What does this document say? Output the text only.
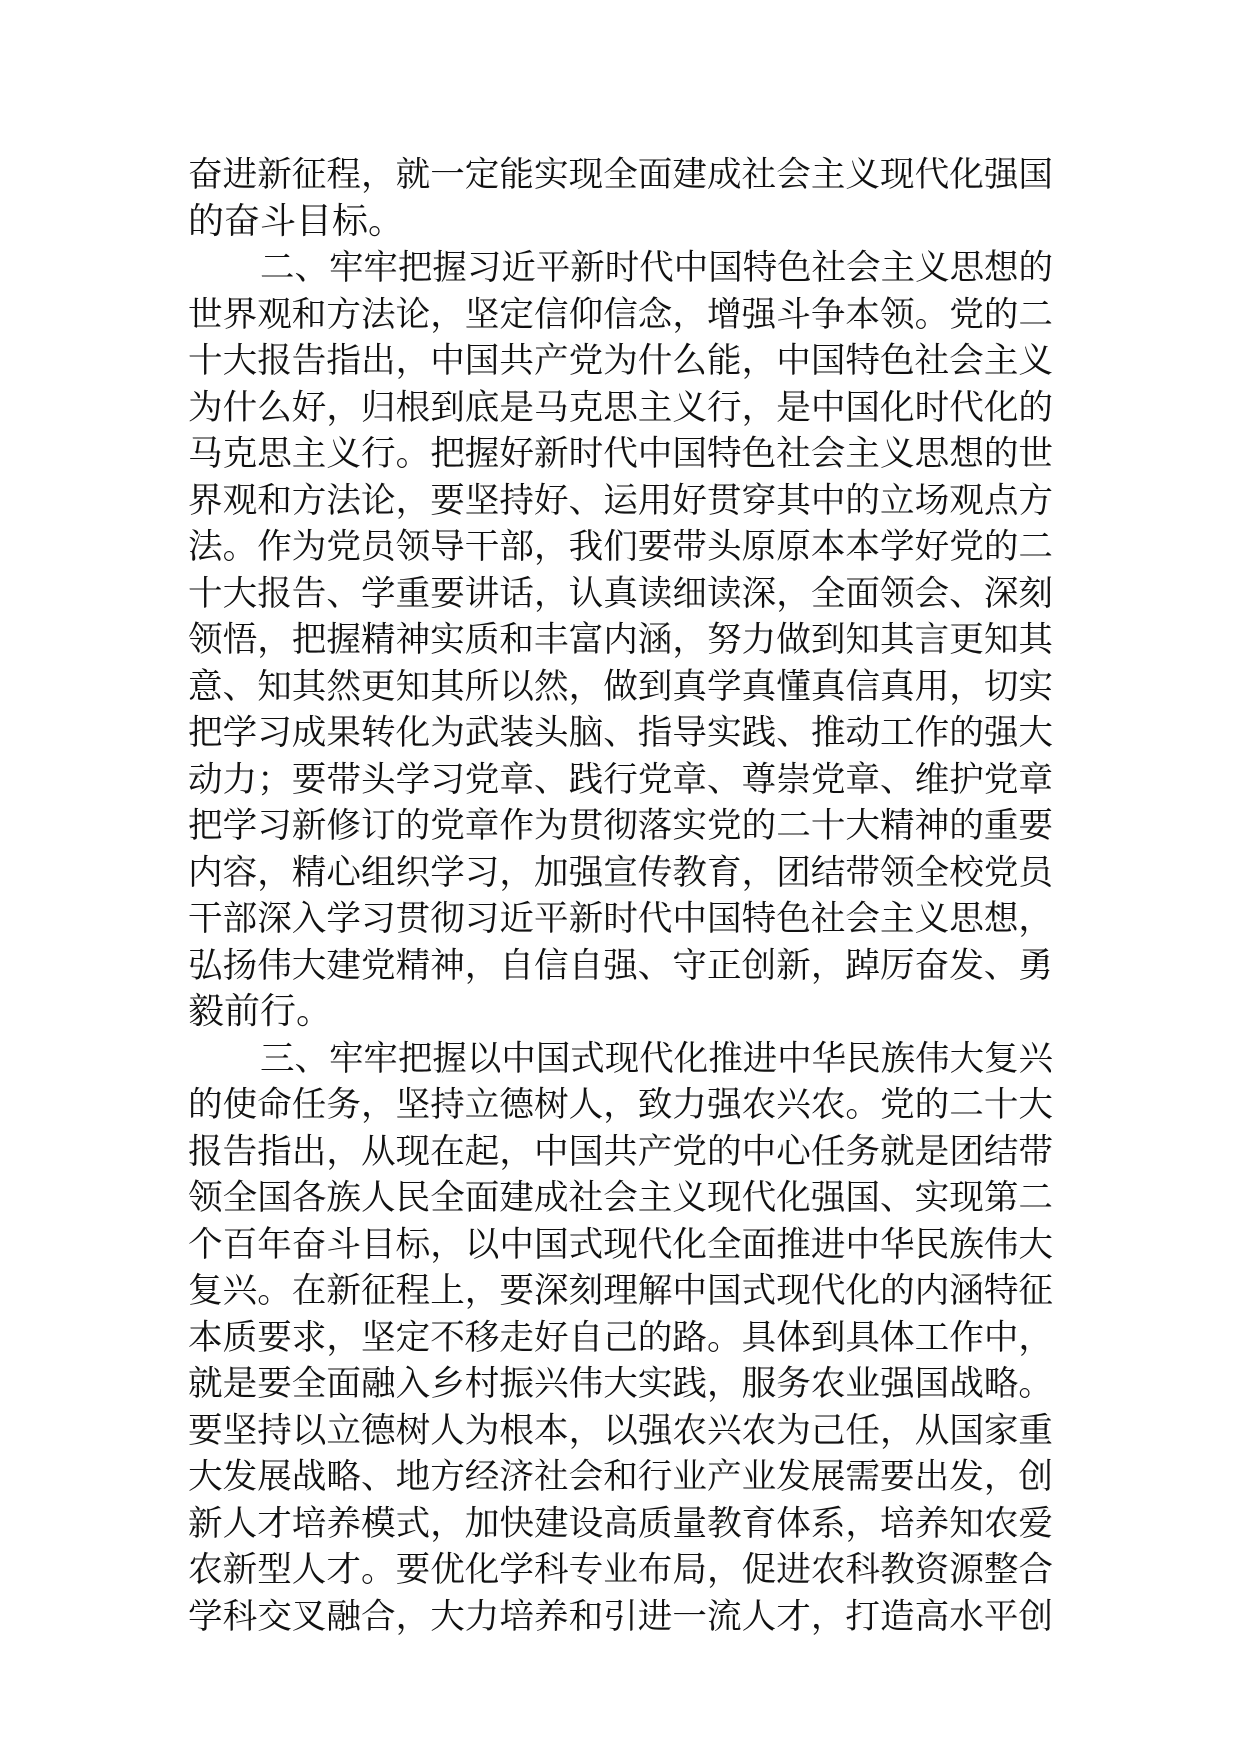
奋进新征程，就一定能实现全面建成社会主义现代化强国
的奋斗目标。
二、牢牢把握习近平新时代中国特色社会主义思想的
世界观和方法论，坚定信仰信念，增强斗争本领。党的二
十大报告指出，中国共产党为什么能，中国特色社会主义
为什么好，归根到底是马克思主义行，是中国化时代化的
马克思主义行。把握好新时代中国特色社会主义思想的世
界观和方法论，要坚持好、运用好贯穿其中的立场观点方
法。作为党员领导干部，我们要带头原原本本学好党的二
十大报告、学重要讲话，认真读细读深，全面领会、深刻
领悟，把握精神实质和丰富内涵，努力做到知其言更知其
意、知其然更知其所以然，做到真学真懂真信真用，切实
把学习成果转化为武装头脑、指导实践、推动工作的强大
动力；要带头学习党章、践行党章、尊崇党章、维护党章
把学习新修订的党章作为贯彻落实党的二十大精神的重要
内容，精心组织学习，加强宣传教育，团结带领全校党员
干部深入学习贯彻习近平新时代中国特色社会主义思想，
弘扬伟大建党精神，自信自强、守正创新，踔厉奋发、勇
毅前行。
三、牢牢把握以中国式现代化推进中华民族伟大复兴
的使命任务，坚持立德树人，致力强农兴农。党的二十大
报告指出，从现在起，中国共产党的中心任务就是团结带
领全国各族人民全面建成社会主义现代化强国、实现第二
个百年奋斗目标，以中国式现代化全面推进中华民族伟大
复兴。在新征程上，要深刻理解中国式现代化的内涵特征
本质要求，坚定不移走好自己的路。具体到具体工作中，
就是要全面融入乡村振兴伟大实践，服务农业强国战略。
要坚持以立德树人为根本，以强农兴农为己任，从国家重
大发展战略、地方经济社会和行业产业发展需要出发，创
新人才培养模式，加快建设高质量教育体系，培养知农爱
农新型人才。要优化学科专业布局，促进农科教资源整合
学科交叉融合，大力培养和引进一流人才，打造高水平创
